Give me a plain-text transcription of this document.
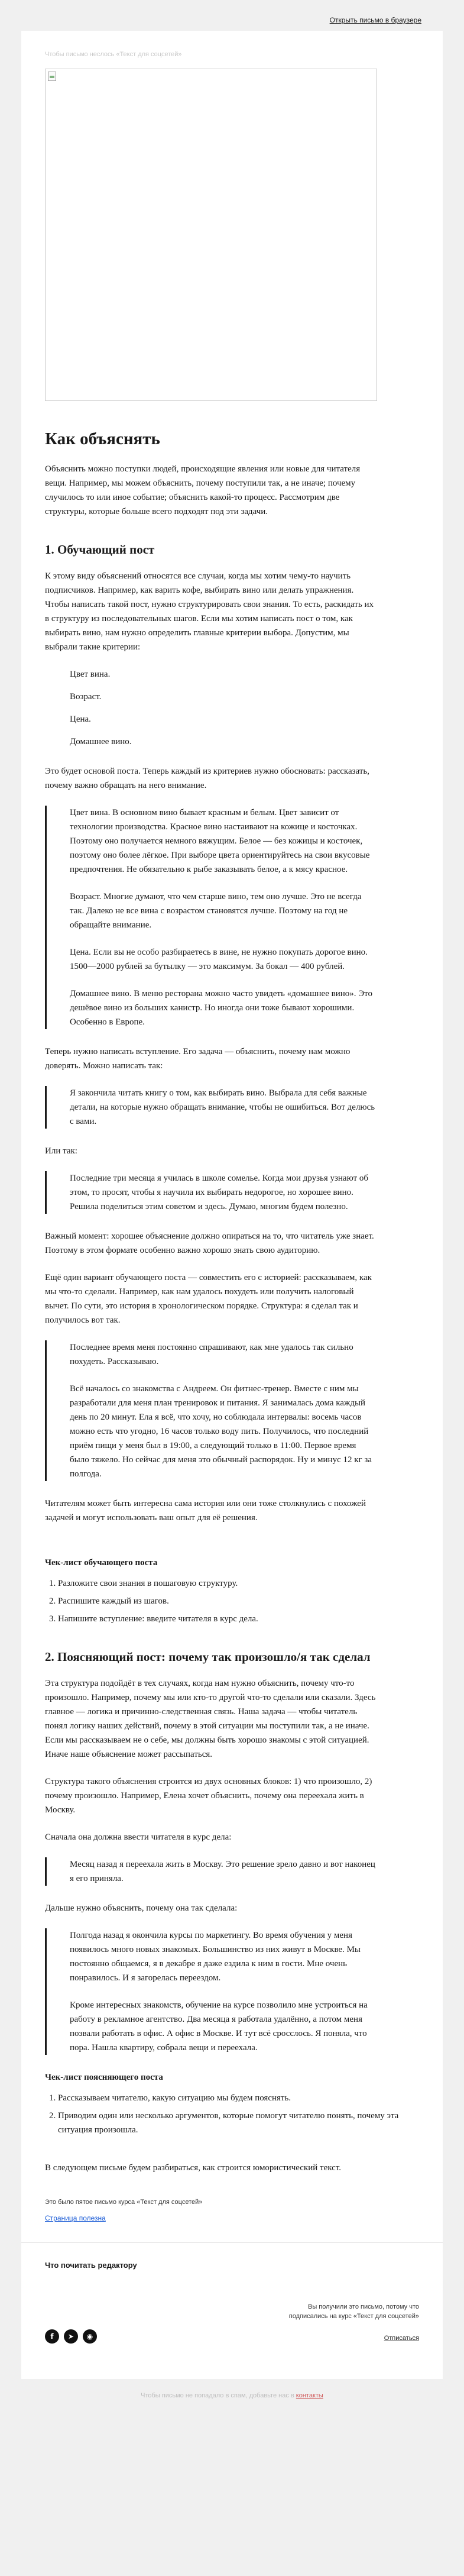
Открыть письмо в браузере
Чтобы письмо неслось «Текст для соцсетей»
Как объяснять

Объяснить можно поступки людей, происходящие явления или новые для читателя вещи. Например, мы можем объяснить, почему поступили так, а не иначе; почему случилось то или иное событие; объяснить какой-то процесс. Рассмотрим две структуры, которые больше всего подходят под эти задачи.

1. Обучающий пост

К этому виду объяснений относятся все случаи, когда мы хотим чему-то научить подписчиков. Например, как варить кофе, выбирать вино или делать упражнения. Чтобы написать такой пост, нужно структурировать свои знания. То есть, раскидать их в структуру из последовательных шагов. Если мы хотим написать пост о том, как выбирать вино, нам нужно определить главные критерии выбора. Допустим, мы выбрали такие критерии:

Цвет вина.
Возраст.
Цена.
Домашнее вино.

Это будет основой поста. Теперь каждый из критериев нужно обосновать: рассказать, почему важно обращать на него внимание.

Цвет вина. В основном вино бывает красным и белым. Цвет зависит от технологии производства. Красное вино настаивают на кожице и косточках. Поэтому оно получается немного вяжущим. Белое — без кожицы и косточек, поэтому оно более лёгкое. При выборе цвета ориентируйтесь на свои вкусовые предпочтения. Не обязательно к рыбе заказывать белое, а к мясу красное.

Возраст. Многие думают, что чем старше вино, тем оно лучше. Это не всегда так. Далеко не все вина с возрастом становятся лучше. Поэтому на год не обращайте внимание.

Цена. Если вы не особо разбираетесь в вине, не нужно покупать дорогое вино. 1500—2000 рублей за бутылку — это максимум. За бокал — 400 рублей.

Домашнее вино. В меню ресторана можно часто увидеть «домашнее вино». Это дешёвое вино из больших канистр. Но иногда они тоже бывают хорошими. Особенно в Европе.

Теперь нужно написать вступление. Его задача — объяснить, почему нам можно доверять. Можно написать так:

Я закончила читать книгу о том, как выбирать вино. Выбрала для себя важные детали, на которые нужно обращать внимание, чтобы не ошибиться. Вот делюсь с вами.

Или так:

Последние три месяца я училась в школе сомелье. Когда мои друзья узнают об этом, то просят, чтобы я научила их выбирать недорогое, но хорошее вино. Решила поделиться этим советом и здесь. Думаю, многим будем полезно.

Важный момент: хорошее объяснение должно опираться на то, что читатель уже знает. Поэтому в этом формате особенно важно хорошо знать свою аудиторию.

Ещё один вариант обучающего поста — совместить его с историей: рассказываем, как мы что-то сделали. Например, как нам удалось похудеть или получить налоговый вычет. По сути, это история в хронологическом порядке. Структура: я сделал так и получилось вот так.

Последнее время меня постоянно спрашивают, как мне удалось так сильно похудеть. Рассказываю.

Всё началось со знакомства с Андреем. Он фитнес-тренер. Вместе с ним мы разработали для меня план тренировок и питания. Я занималась дома каждый день по 20 минут. Ела я всё, что хочу, но соблюдала интервалы: восемь часов можно есть что угодно, 16 часов только воду пить. Получилось, что последний приём пищи у меня был в 19:00, а следующий только в 11:00. Первое время было тяжело. Но сейчас для меня это обычный распорядок. Ну и минус 12 кг за полгода.

Читателям может быть интересна сама история или они тоже столкнулись с похожей задачей и могут использовать ваш опыт для её решения.

Чек-лист обучающего поста
1. Разложите свои знания в пошаговую структуру.
2. Распишите каждый из шагов.
3. Напишите вступление: введите читателя в курс дела.
2. Поясняющий пост: почему так произошло/я так сделал

Эта структура подойдёт в тех случаях, когда нам нужно объяснить, почему что-то произошло. Например, почему мы или кто-то другой что-то сделали или сказали. Здесь главное — логика и причинно-следственная связь. Наша задача — чтобы читатель понял логику наших действий, почему в этой ситуации мы поступили так, а не иначе. Если мы рассказываем не о себе, мы должны быть хорошо знакомы с этой ситуацией. Иначе наше объяснение может рассыпаться.

Структура такого объяснения строится из двух основных блоков: 1) что произошло, 2) почему произошло. Например, Елена хочет объяснить, почему она переехала жить в Москву.

Сначала она должна ввести читателя в курс дела:

Месяц назад я переехала жить в Москву. Это решение зрело давно и вот наконец я его приняла.

Дальше нужно объяснить, почему она так сделала:

Полгода назад я окончила курсы по маркетингу. Во время обучения у меня появилось много новых знакомых. Большинство из них живут в Москве. Мы постоянно общаемся, я в декабре я даже ездила к ним в гости. Мне очень понравилось. И я загорелась переездом.

Кроме интересных знакомств, обучение на курсе позволило мне устроиться на работу в рекламное агентство. Два месяца я работала удалённо, а потом меня позвали работать в офис. А офис в Москве. И тут всё сросслось. Я поняла, что пора. Нашла квартиру, собрала вещи и переехала.

Чек-лист поясняющего поста
1. Рассказываем читателю, какую ситуацию мы будем пояснять.
2. Приводим один или несколько аргументов, которые помогут читателю понять, почему эта ситуация произошла.

В следующем письме будем разбираться, как строится юмористический текст.

Это было пятое письмо курса «Текст для соцсетей»
Страница полезна
Что почитать редактору
Вы получили это письмо, потому что подписались на курс «Текст для соцсетей»
f	➤	◉	Отписаться
Чтобы письмо не попадало в спам, добавьте нас в контакты
